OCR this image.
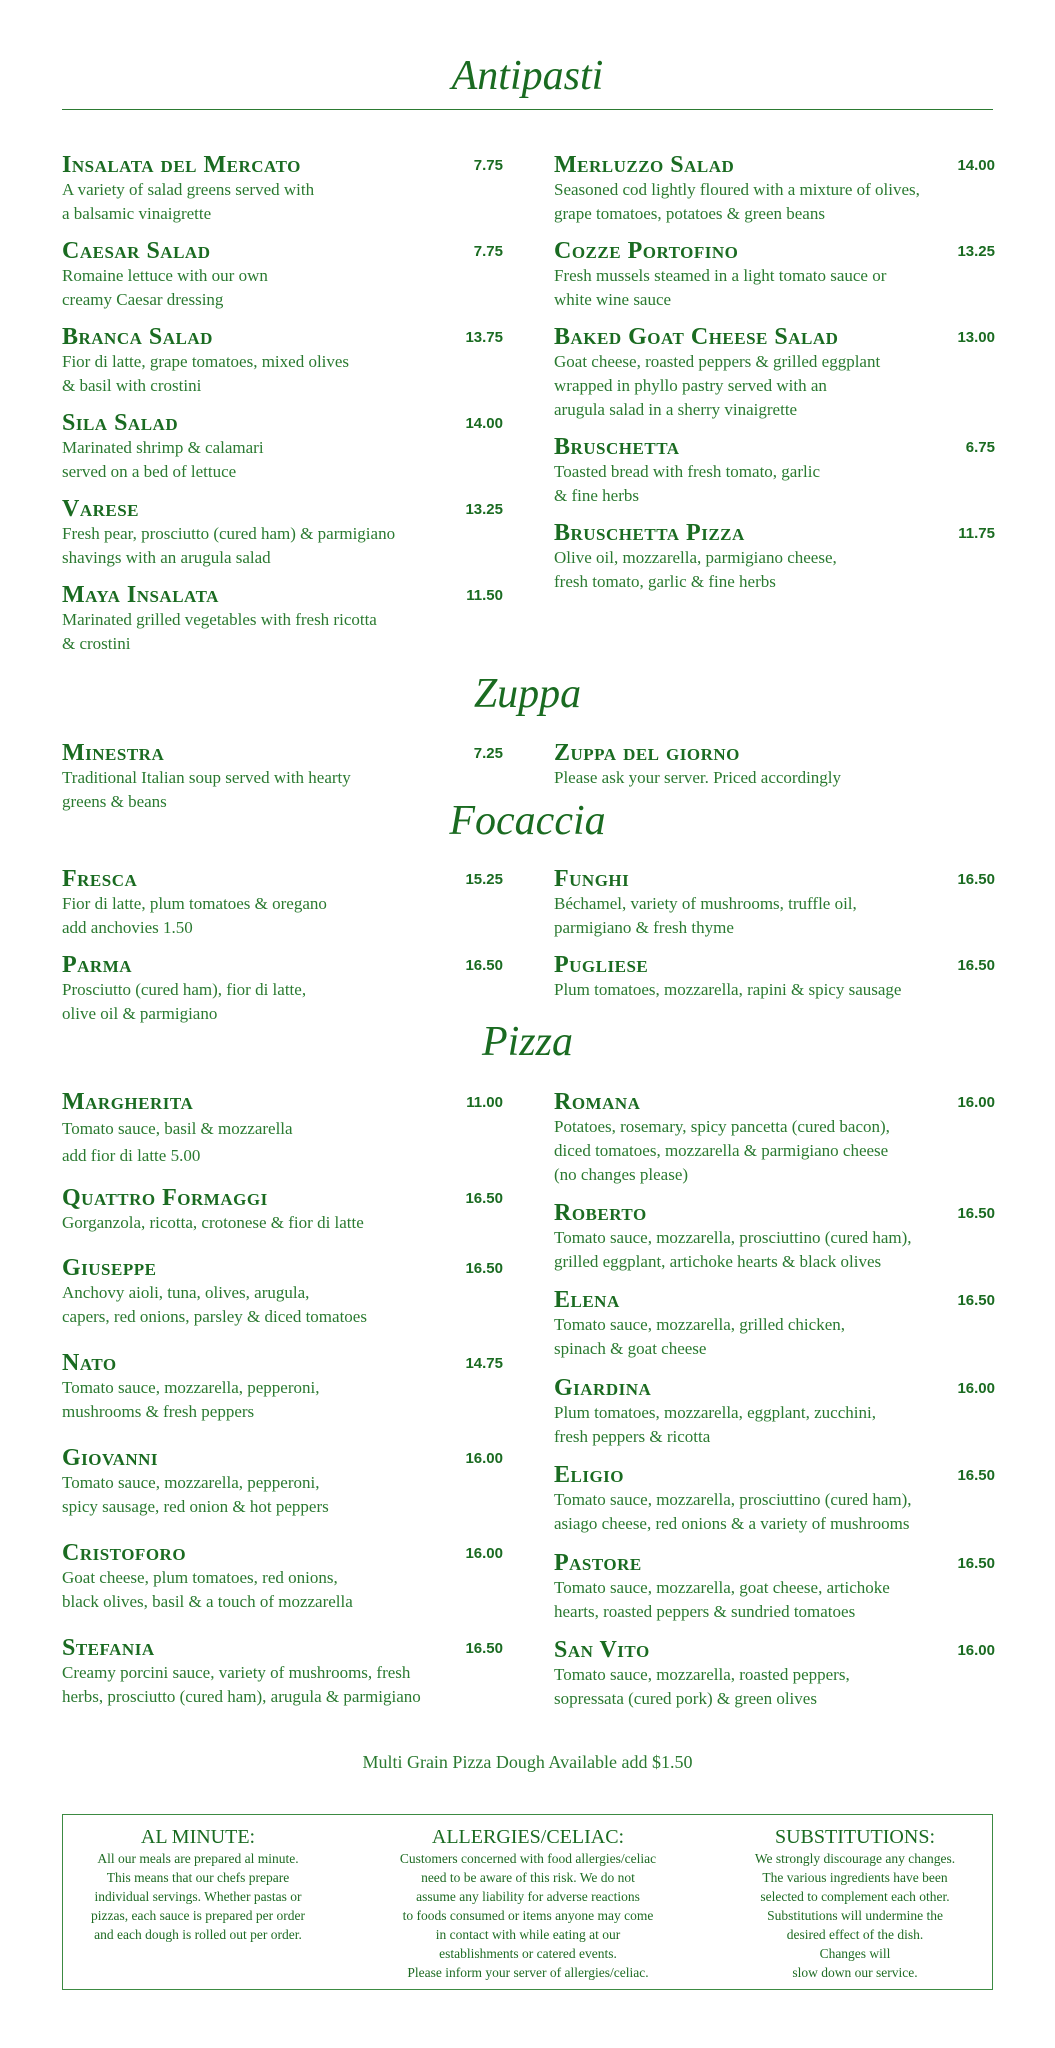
Antipasti
Insalata del Mercato	7.75
A variety of salad greens served with
a balsamic vinaigrette
Caesar Salad	7.75
Romaine lettuce with our own
creamy Caesar dressing
Branca Salad	13.75
Fior di latte, grape tomatoes, mixed olives
& basil with crostini
Sila Salad	14.00
Marinated shrimp & calamari
served on a bed of lettuce
Varese	13.25
Fresh pear, prosciutto (cured ham) & parmigiano
shavings with an arugula salad
Maya Insalata	11.50
Marinated grilled vegetables with fresh ricotta
& crostini
Merluzzo Salad	14.00
Seasoned cod lightly floured with a mixture of olives,
grape tomatoes, potatoes & green beans
Cozze Portofino	13.25
Fresh mussels steamed in a light tomato sauce or
white wine sauce
Baked Goat Cheese Salad	13.00
Goat cheese, roasted peppers & grilled eggplant
wrapped in phyllo pastry served with an
arugula salad in a sherry vinaigrette
Bruschetta	6.75
Toasted bread with fresh tomato, garlic
& fine herbs
Bruschetta Pizza	11.75
Olive oil, mozzarella, parmigiano cheese,
fresh tomato, garlic & fine herbs
Zuppa
Minestra	7.25
Traditional Italian soup served with hearty
greens & beans
Zuppa del giorno
Please ask your server. Priced accordingly
Focaccia
Fresca	15.25
Fior di latte, plum tomatoes & oregano
add anchovies 1.50
Parma	16.50
Prosciutto (cured ham), fior di latte,
olive oil & parmigiano
Funghi	16.50
Béchamel, variety of mushrooms, truffle oil,
parmigiano & fresh thyme
Pugliese	16.50
Plum tomatoes, mozzarella, rapini & spicy sausage
Pizza
Margherita	11.00
Tomato sauce, basil & mozzarella
add fior di latte 5.00
Quattro Formaggi	16.50
Gorganzola, ricotta, crotonese & fior di latte
Giuseppe	16.50
Anchovy aioli, tuna, olives, arugula,
capers, red onions, parsley & diced tomatoes
Nato	14.75
Tomato sauce, mozzarella, pepperoni,
mushrooms & fresh peppers
Giovanni	16.00
Tomato sauce, mozzarella, pepperoni,
spicy sausage, red onion & hot peppers
Cristoforo	16.00
Goat cheese, plum tomatoes, red onions,
black olives, basil & a touch of mozzarella
Stefania	16.50
Creamy porcini sauce, variety of mushrooms, fresh
herbs, prosciutto (cured ham), arugula & parmigiano
Romana	16.00
Potatoes, rosemary, spicy pancetta (cured bacon),
diced tomatoes, mozzarella & parmigiano cheese
(no changes please)
Roberto	16.50
Tomato sauce, mozzarella, prosciuttino (cured ham),
grilled eggplant, artichoke hearts & black olives
Elena	16.50
Tomato sauce, mozzarella, grilled chicken,
spinach & goat cheese
Giardina	16.00
Plum tomatoes, mozzarella, eggplant, zucchini,
fresh peppers & ricotta
Eligio	16.50
Tomato sauce, mozzarella, prosciuttino (cured ham),
asiago cheese, red onions & a variety of mushrooms
Pastore	16.50
Tomato sauce, mozzarella, goat cheese, artichoke
hearts, roasted peppers & sundried tomatoes
San Vito	16.00
Tomato sauce, mozzarella, roasted peppers,
sopressata (cured pork) & green olives
Multi Grain Pizza Dough Available add $1.50
AL MINUTE:
All our meals are prepared al minute.
This means that our chefs prepare
individual servings. Whether pastas or
pizzas, each sauce is prepared per order
and each dough is rolled out per order.
ALLERGIES/CELIAC:
Customers concerned with food allergies/celiac
need to be aware of this risk. We do not
assume any liability for adverse reactions
to foods consumed or items anyone may come
in contact with while eating at our
establishments or catered events.
Please inform your server of allergies/celiac.
SUBSTITUTIONS:
We strongly discourage any changes.
The various ingredients have been
selected to complement each other.
Substitutions will undermine the
desired effect of the dish.
Changes will
slow down our service.
